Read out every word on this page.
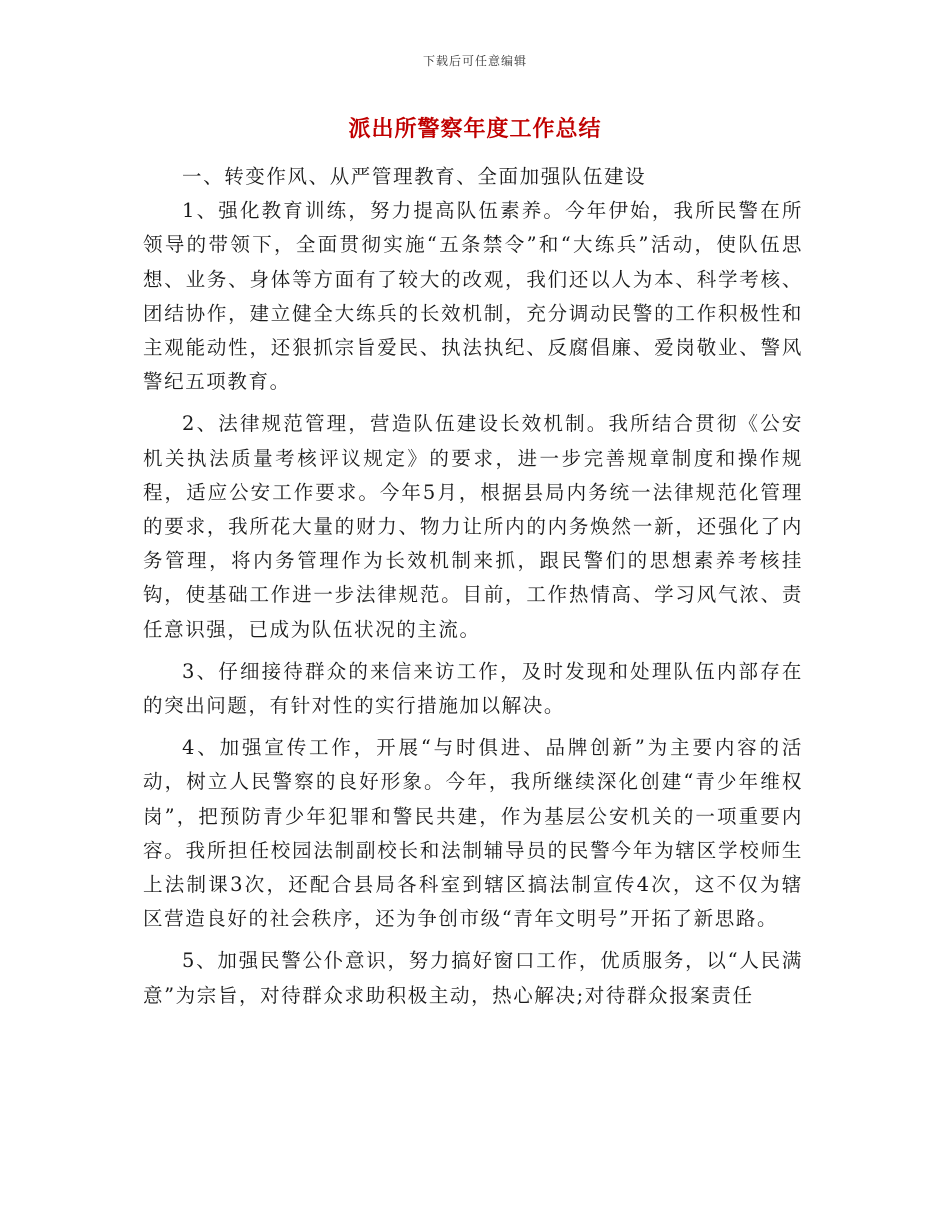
下载后可任意编辑
派出所警察年度工作总结

一、转变作风、从严管理教育、全面加强队伍建设

1、强化教育训练，努力提高队伍素养。今年伊始，我所民警在所领导的带领下，全面贯彻实施“五条禁令”和“大练兵”活动，使队伍思想、业务、身体等方面有了较大的改观，我们还以人为本、科学考核、团结协作，建立健全大练兵的长效机制，充分调动民警的工作积极性和主观能动性，还狠抓宗旨爱民、执法执纪、反腐倡廉、爱岗敬业、警风警纪五项教育。

2、法律规范管理，营造队伍建设长效机制。我所结合贯彻《公安机关执法质量考核评议规定》的要求，进一步完善规章制度和操作规程，适应公安工作要求。今年5月，根据县局内务统一法律规范化管理的要求，我所花大量的财力、物力让所内的内务焕然一新，还强化了内务管理，将内务管理作为长效机制来抓，跟民警们的思想素养考核挂钩，使基础工作进一步法律规范。目前，工作热情高、学习风气浓、责任意识强，已成为队伍状况的主流。

3、仔细接待群众的来信来访工作，及时发现和处理队伍内部存在的突出问题，有针对性的实行措施加以解决。

4、加强宣传工作，开展“与时俱进、品牌创新”为主要内容的活动，树立人民警察的良好形象。今年，我所继续深化创建“青少年维权岗”，把预防青少年犯罪和警民共建，作为基层公安机关的一项重要内容。我所担任校园法制副校长和法制辅导员的民警今年为辖区学校师生上法制课3次，还配合县局各科室到辖区搞法制宣传4次，这不仅为辖区营造良好的社会秩序，还为争创市级“青年文明号”开拓了新思路。

5、加强民警公仆意识，努力搞好窗口工作，优质服务，以“人民满意”为宗旨，对待群众求助积极主动，热心解决;对待群众报案责任
